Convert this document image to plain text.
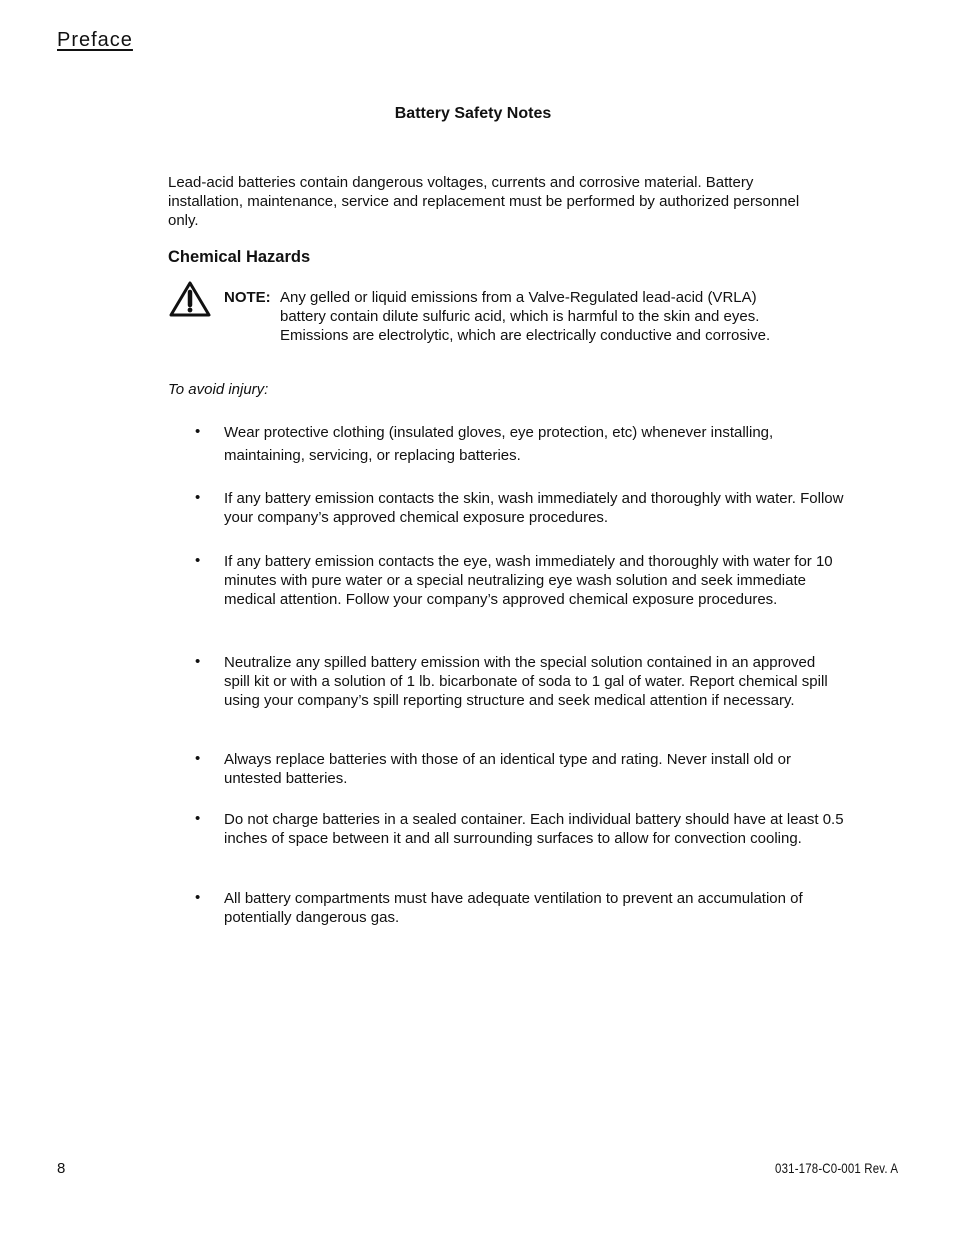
Preface
Battery Safety Notes
Lead-acid batteries contain dangerous voltages, currents and corrosive material. Battery installation, maintenance, service and replacement must be performed by authorized personnel only.
Chemical Hazards
NOTE: Any gelled or liquid emissions from a Valve-Regulated lead-acid (VRLA) battery contain dilute sulfuric acid, which is harmful to the skin and eyes. Emissions are electrolytic, which are electrically conductive and corrosive.
To avoid injury:
• Wear protective clothing (insulated gloves, eye protection, etc) whenever installing, maintaining, servicing, or replacing batteries.
• If any battery emission contacts the skin, wash immediately and thoroughly with water. Follow your company’s approved chemical exposure procedures.
• If any battery emission contacts the eye, wash immediately and thoroughly with water for 10 minutes with pure water or a special neutralizing eye wash solution and seek immediate medical attention. Follow your company’s approved chemical exposure procedures.
• Neutralize any spilled battery emission with the special solution contained in an approved spill kit or with a solution of 1 lb. bicarbonate of soda to 1 gal of water. Report chemical spill using your company’s spill reporting structure and seek medical attention if necessary.
• Always replace batteries with those of an identical type and rating. Never install old or untested batteries.
• Do not charge batteries in a sealed container. Each individual battery should have at least 0.5 inches of space between it and all surrounding surfaces to allow for convection cooling.
• All battery compartments must have adequate ventilation to prevent an accumulation of potentially dangerous gas.
8	031-178-C0-001 Rev. A
